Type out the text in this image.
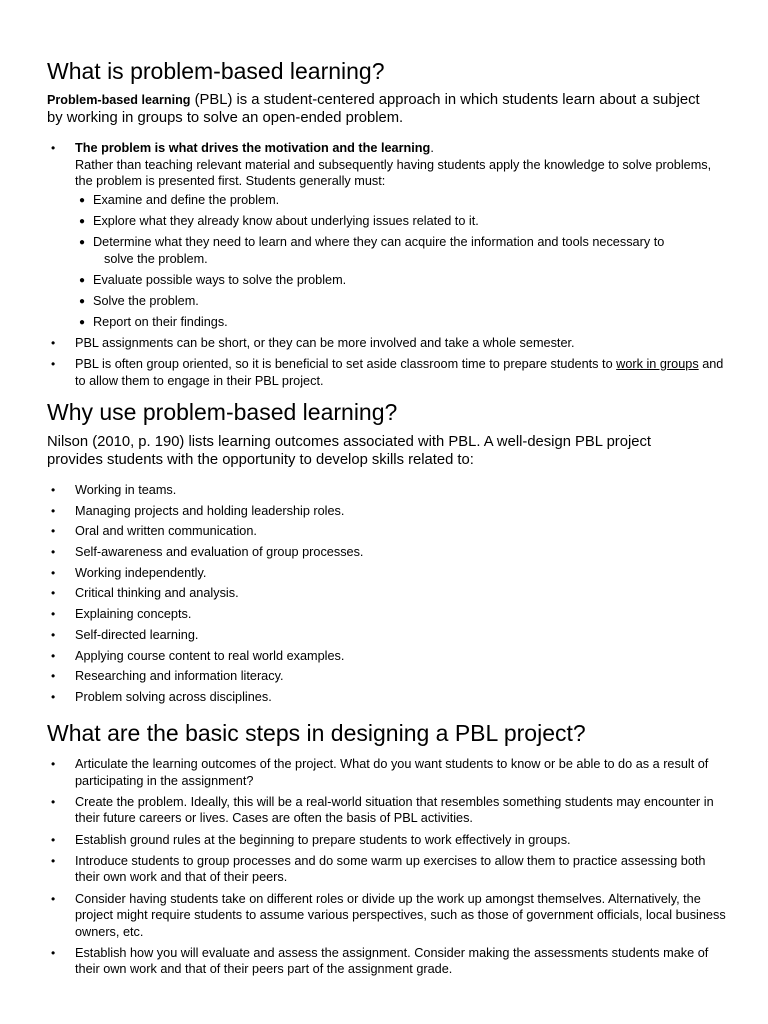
What is problem-based learning?
Problem-based learning (PBL) is a student-centered approach in which students learn about a subject by working in groups to solve an open-ended problem.
• The problem is what drives the motivation and the learning.
Rather than teaching relevant material and subsequently having students apply the knowledge to solve problems, the problem is presented first. Students generally must:
● Examine and define the problem.
● Explore what they already know about underlying issues related to it.
● Determine what they need to learn and where they can acquire the information and tools necessary to
solve the problem.
● Evaluate possible ways to solve the problem.
● Solve the problem.
● Report on their findings.
• PBL assignments can be short, or they can be more involved and take a whole semester.
• PBL is often group oriented, so it is beneficial to set aside classroom time to prepare students to work in groups and to allow them to engage in their PBL project.
Why use problem-based learning?
Nilson (2010, p. 190) lists learning outcomes associated with PBL. A well-design PBL project provides students with the opportunity to develop skills related to:
• Working in teams.
• Managing projects and holding leadership roles.
• Oral and written communication.
• Self-awareness and evaluation of group processes.
• Working independently.
• Critical thinking and analysis.
• Explaining concepts.
• Self-directed learning.
• Applying course content to real world examples.
• Researching and information literacy.
• Problem solving across disciplines.
What are the basic steps in designing a PBL project?
• Articulate the learning outcomes of the project. What do you want students to know or be able to do as a result of participating in the assignment?
• Create the problem. Ideally, this will be a real-world situation that resembles something students may encounter in their future careers or lives. Cases are often the basis of PBL activities.
• Establish ground rules at the beginning to prepare students to work effectively in groups.
• Introduce students to group processes and do some warm up exercises to allow them to practice assessing both their own work and that of their peers.
• Consider having students take on different roles or divide up the work up amongst themselves. Alternatively, the project might require students to assume various perspectives, such as those of government officials, local business owners, etc.
• Establish how you will evaluate and assess the assignment. Consider making the assessments students make of their own work and that of their peers part of the assignment grade.
